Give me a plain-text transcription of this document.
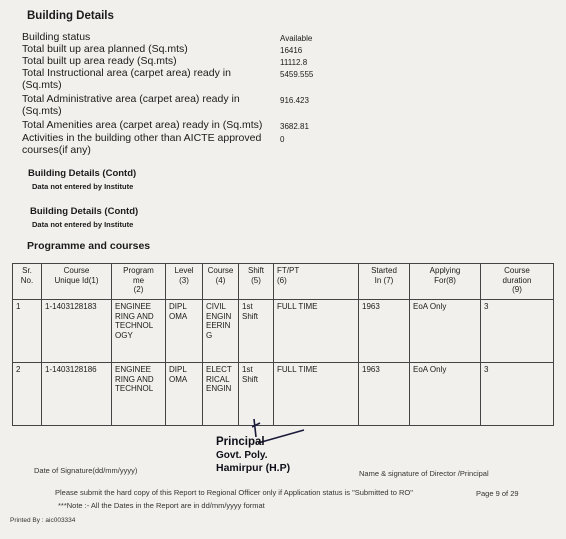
Building Details
Building status	Available
Total built up area planned (Sq.mts)	16416
Total built up area ready (Sq.mts)	11112.8
Total Instructional area (carpet area) ready in (Sq.mts)
5459.555
Total Administrative area (carpet area) ready in (Sq.mts)
916.423
Total Amenities area (carpet area) ready in (Sq.mts)	3682.81
Activities in the building other than AICTE approved courses(if any)
0
Building Details (Contd)
Data not entered by Institute
Building Details (Contd)
Data not entered by Institute
Programme and courses
Sr.
No.	Course
Unique Id(1)	Program
me
(2)	Level
(3)	Course
(4)	Shift
(5)	FT/PT
(6)	Started
In (7)	Applying
For(8)	Course
duration
(9)
1	1-1403128183	ENGINEE
RING AND
TECHNOL
OGY	DIPL
OMA	CIVIL
ENGIN
EERIN
G	1st
Shift	FULL TIME	1963	EoA Only	3
2	1-1403128186	ENGINEE
RING AND
TECHNOL	DIPL
OMA	ELECT
RICAL
ENGIN	1st
Shift	FULL TIME	1963	EoA Only	3
Principal
Govt. Poly.
Hamirpur (H.P)
Date of Signature(dd/mm/yyyy)	Name & signature of Director /Principal
Please submit the hard copy of this Report to Regional Officer only if Application status is "Submitted to RO"	Page 9 of 29
***Note :- All the Dates in the Report are in dd/mm/yyyy format
Printed By : aic003334
